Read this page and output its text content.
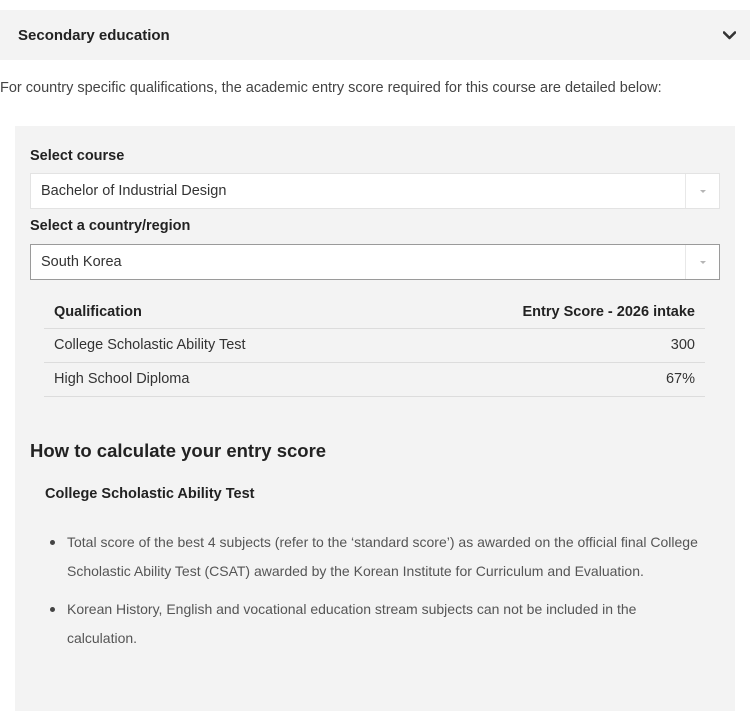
Secondary education
For country specific qualifications, the academic entry score required for this course are detailed below:
Select course
Bachelor of Industrial Design
Select a country/region
South Korea
Qualification	Entry Score - 2026 intake
College Scholastic Ability Test	300
High School Diploma	67%
How to calculate your entry score
College Scholastic Ability Test
Total score of the best 4 subjects (refer to the ‘standard score’) as awarded on the official final College Scholastic Ability Test (CSAT) awarded by the Korean Institute for Curriculum and Evaluation.
Korean History, English and vocational education stream subjects can not be included in the calculation.
